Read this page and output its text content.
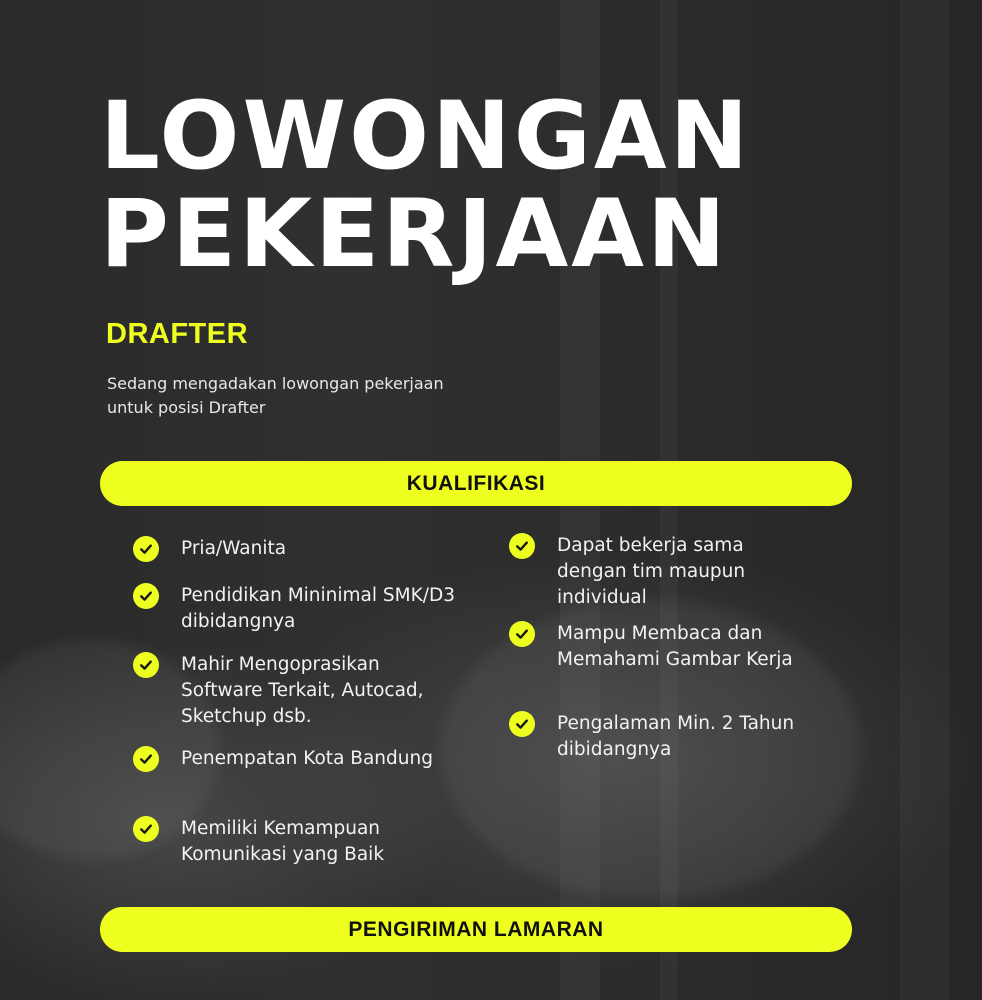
LOWONGAN
PEKERJAAN
DRAFTER
Sedang mengadakan lowongan pekerjaan
untuk posisi Drafter
KUALIFIKASI
Pria/Wanita
Pendidikan Mininimal SMK/D3
dibidangnya
Mahir Mengoprasikan
Software Terkait, Autocad,
Sketchup dsb.
Penempatan Kota Bandung
Memiliki Kemampuan
Komunikasi yang Baik
Dapat bekerja sama
dengan tim maupun
individual
Mampu Membaca dan
Memahami Gambar Kerja
Pengalaman Min. 2 Tahun
dibidangnya
PENGIRIMAN LAMARAN
